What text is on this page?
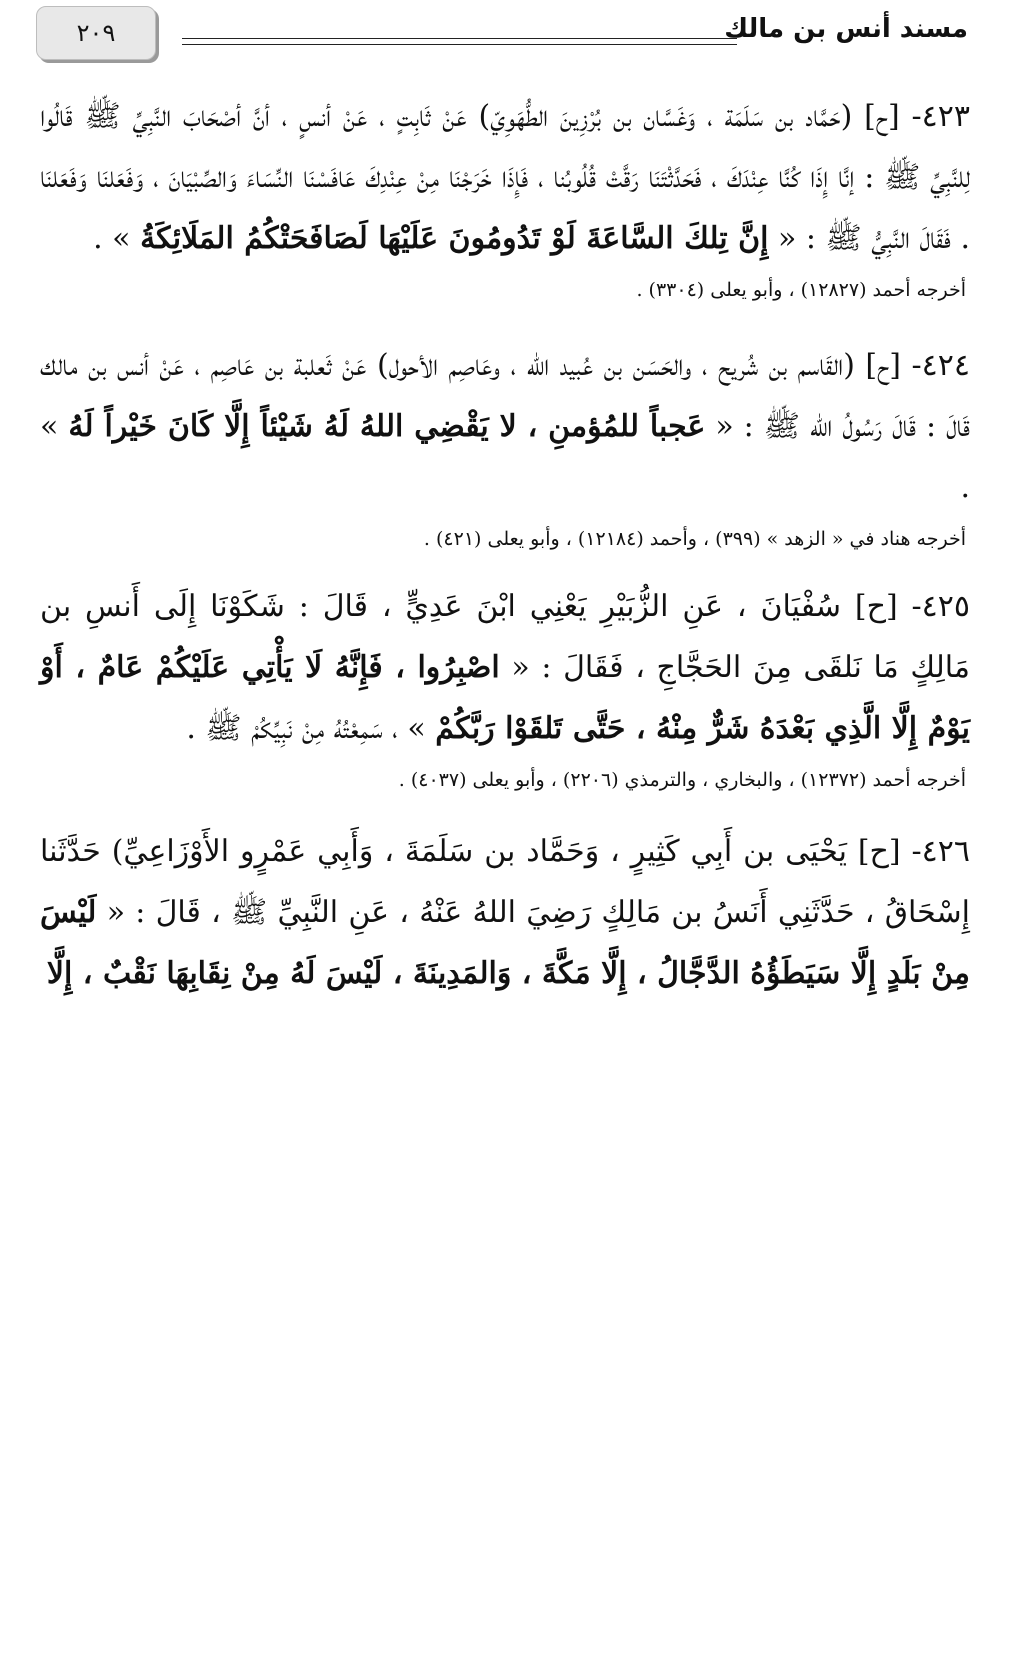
٢٠٩	مسند أنس بن مالك

٤٢٣- [ح] (حَمَّاد بن سَلَمَة ، وَغَسَّان بن بُرْزِينَ الطُّهَوِيّ) عَنْ ثَابِتٍ ، عَنْ أنسٍ ، أنَّ أصْحَابَ النَّبِيِّ ﷺ قَالُوا لِلنَّبِيِّ ﷺ : إنَّا إِذَا كُنَّا عِنْدَكَ ، فَحَدَّثْتَنَا رَقَّتْ قُلُوبُنا ، فَإِذَا خَرَجْنَا مِنْ عِنْدِكَ عَافَسْنَا النِّسَاءَ وَالصِّبْيَانَ ، وَفَعَلنَا وَفَعَلنَا . فَقَالَ النَّبِيُّ ﷺ : « إِنَّ تِلكَ السَّاعَةَ لَوْ تَدُومُونَ عَلَيْهَا لَصَافَحَتْكُمُ المَلَائِكَةُ » .

أخرجه أحمد (١٢٨٢٧) ، وأبو يعلى (٣٣٠٤) .

٤٢٤- [ح] (القَاسم بن شُريح ، والحَسَن بن عُبيد الله ، وعَاصِم الأحول) عَنْ ثَعلبة بن عَاصِم ، عَنْ أنس بن مالك قَالَ : قَالَ رَسُولُ الله ﷺ : « عَجباً للمُؤمنِ ، لا يَقْضِي اللهُ لَهُ شَيْئاً إِلَّا كَانَ خَيْراً لَهُ » .

أخرجه هناد في « الزهد » (٣٩٩) ، وأحمد (١٢١٨٤) ، وأبو يعلى (٤٢١) .

٤٢٥- [ح] سُفْيَانَ ، عَنِ الزُّبَيْرِ يَعْنِي ابْنَ عَدِيٍّ ، قَالَ : شَكَوْنَا إِلَى أَنسِ بن مَالِكٍ مَا نَلقَى مِنَ الحَجَّاجِ ، فَقَالَ : « اصْبِرُوا ، فَإِنَّهُ لَا يَأْتِي عَلَيْكُمْ عَامٌ ، أَوْ يَوْمٌ إِلَّا الَّذِي بَعْدَهُ شَرٌّ مِنْهُ ، حَتَّى تَلقَوْا رَبَّكُمْ » ، سَمِعْتُهُ مِنْ نَبِيِّكُمْ ﷺ .

أخرجه أحمد (١٢٣٧٢) ، والبخاري ، والترمذي (٢٢٠٦) ، وأبو يعلى (٤٠٣٧) .

٤٢٦- [ح] يَحْيَى بن أَبِي كَثِيرٍ ، وَحَمَّاد بن سَلَمَةَ ، وَأَبِي عَمْرٍو الأَوْزَاعِيِّ) حَدَّثَنا إِسْحَاقُ ، حَدَّثَنِي أَنَسُ بن مَالِكٍ رَضِيَ اللهُ عَنْهُ ، عَنِ النَّبِيِّ ﷺ ، قَالَ : « لَيْسَ مِنْ بَلَدٍ إِلَّا سَيَطَؤُهُ الدَّجَّالُ ، إِلَّا مَكَّةَ ، وَالمَدِينَةَ ، لَيْسَ لَهُ مِنْ نِقَابِهَا نَقْبٌ ، إِلَّا
